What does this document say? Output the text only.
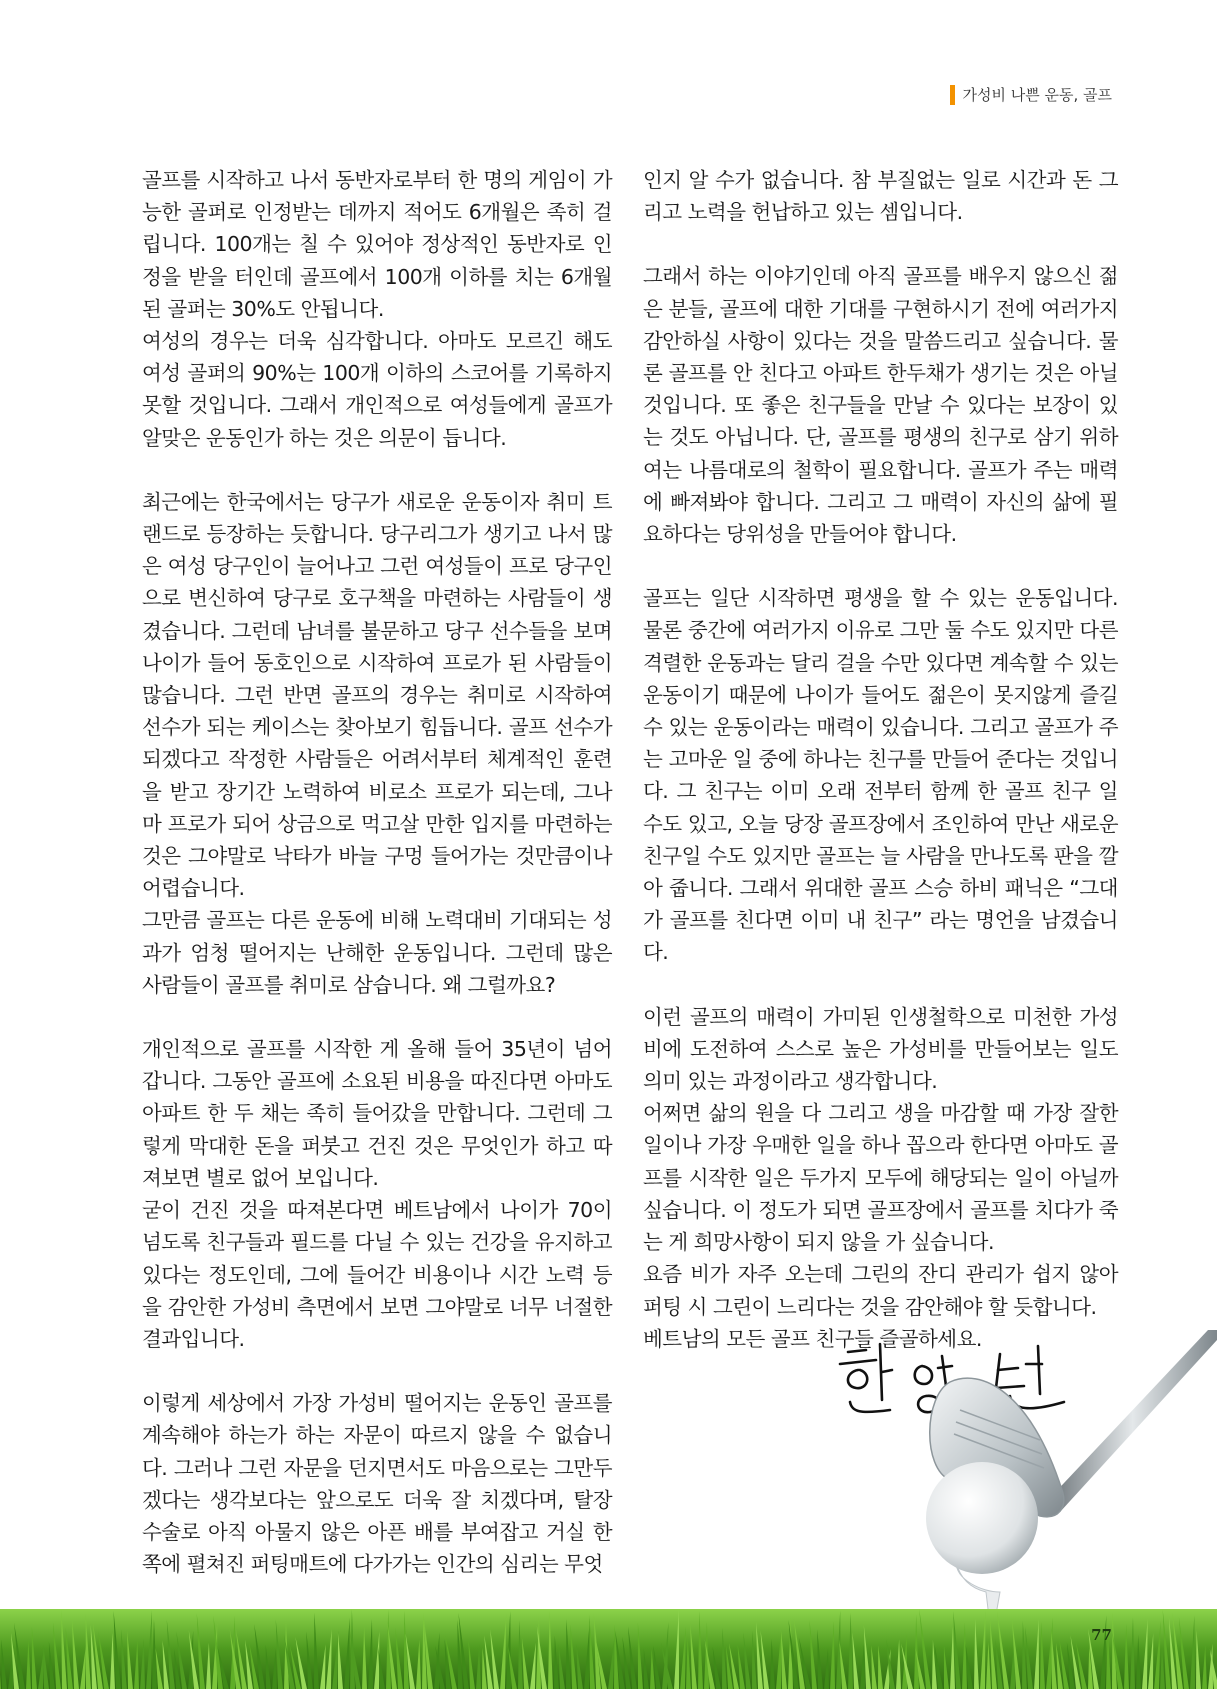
가성비 나쁜 운동, 골프

골프를 시작하고 나서 동반자로부터 한 명의 게임이 가능한 골퍼로 인정받는 데까지 적어도 6개월은 족히 걸립니다. 100개는 칠 수 있어야 정상적인 동반자로 인정을 받을 터인데 골프에서 100개 이하를 치는 6개월된 골퍼는 30%도 안됩니다.

여성의 경우는 더욱 심각합니다. 아마도 모르긴 해도 여성 골퍼의 90%는 100개 이하의 스코어를 기록하지 못할 것입니다. 그래서 개인적으로 여성들에게 골프가 알맞은 운동인가 하는 것은 의문이 듭니다.

최근에는 한국에서는 당구가 새로운 운동이자 취미 트랜드로 등장하는 듯합니다. 당구리그가 생기고 나서 많은 여성 당구인이 늘어나고 그런 여성들이 프로 당구인으로 변신하여 당구로 호구책을 마련하는 사람들이 생겼습니다. 그런데 남녀를 불문하고 당구 선수들을 보며 나이가 들어 동호인으로 시작하여 프로가 된 사람들이 많습니다. 그런 반면 골프의 경우는 취미로 시작하여 선수가 되는 케이스는 찾아보기 힘듭니다. 골프 선수가 되겠다고 작정한 사람들은 어려서부터 체계적인 훈련을 받고 장기간 노력하여 비로소 프로가 되는데, 그나마 프로가 되어 상금으로 먹고살 만한 입지를 마련하는 것은 그야말로 낙타가 바늘 구멍 들어가는 것만큼이나 어렵습니다.

그만큼 골프는 다른 운동에 비해 노력대비 기대되는 성과가 엄청 떨어지는 난해한 운동입니다. 그런데 많은 사람들이 골프를 취미로 삼습니다. 왜 그럴까요?

개인적으로 골프를 시작한 게 올해 들어 35년이 넘어갑니다. 그동안 골프에 소요된 비용을 따진다면 아마도 아파트 한 두 채는 족히 들어갔을 만합니다. 그런데 그렇게 막대한 돈을 퍼붓고 건진 것은 무엇인가 하고 따져보면 별로 없어 보입니다.

굳이 건진 것을 따져본다면 베트남에서 나이가 70이 넘도록 친구들과 필드를 다닐 수 있는 건강을 유지하고 있다는 정도인데, 그에 들어간 비용이나 시간 노력 등을 감안한 가성비 측면에서 보면 그야말로 너무 너절한 결과입니다.

이렇게 세상에서 가장 가성비 떨어지는 운동인 골프를 계속해야 하는가 하는 자문이 따르지 않을 수 없습니다. 그러나 그런 자문을 던지면서도 마음으로는 그만두겠다는 생각보다는 앞으로도 더욱 잘 치겠다며, 탈장 수술로 아직 아물지 않은 아픈 배를 부여잡고 거실 한쪽에 펼쳐진 퍼팅매트에 다가가는 인간의 심리는 무엇

인지 알 수가 없습니다. 참 부질없는 일로 시간과 돈 그리고 노력을 헌납하고 있는 셈입니다.

그래서 하는 이야기인데 아직 골프를 배우지 않으신 젊은 분들, 골프에 대한 기대를 구현하시기 전에 여러가지 감안하실 사항이 있다는 것을 말씀드리고 싶습니다. 물론 골프를 안 친다고 아파트 한두채가 생기는 것은 아닐 것입니다. 또 좋은 친구들을 만날 수 있다는 보장이 있는 것도 아닙니다. 단, 골프를 평생의 친구로 삼기 위하여는 나름대로의 철학이 필요합니다. 골프가 주는 매력에 빠져봐야 합니다. 그리고 그 매력이 자신의 삶에 필요하다는 당위성을 만들어야 합니다.

골프는 일단 시작하면 평생을 할 수 있는 운동입니다. 물론 중간에 여러가지 이유로 그만 둘 수도 있지만 다른 격렬한 운동과는 달리 걸을 수만 있다면 계속할 수 있는 운동이기 때문에 나이가 들어도 젊은이 못지않게 즐길 수 있는 운동이라는 매력이 있습니다. 그리고 골프가 주는 고마운 일 중에 하나는 친구를 만들어 준다는 것입니다. 그 친구는 이미 오래 전부터 함께 한 골프 친구 일 수도 있고, 오늘 당장 골프장에서 조인하여 만난 새로운 친구일 수도 있지만 골프는 늘 사람을 만나도록 판을 깔아 줍니다. 그래서 위대한 골프 스승 하비 패닉은 “그대가 골프를 친다면 이미 내 친구” 라는 명언을 남겼습니다.

이런 골프의 매력이 가미된 인생철학으로 미천한 가성비에 도전하여 스스로 높은 가성비를 만들어보는 일도 의미 있는 과정이라고 생각합니다.

어쩌면 삶의 원을 다 그리고 생을 마감할 때 가장 잘한 일이나 가장 우매한 일을 하나 꼽으라 한다면 아마도 골프를 시작한 일은 두가지 모두에 해당되는 일이 아닐까 싶습니다. 이 정도가 되면 골프장에서 골프를 치다가 죽는 게 희망사항이 되지 않을 가 싶습니다.

요즘 비가 자주 오는데 그린의 잔디 관리가 쉽지 않아 퍼팅 시 그린이 느리다는 것을 감안해야 할 듯합니다.

베트남의 모든 골프 친구들 즐골하세요.

77
